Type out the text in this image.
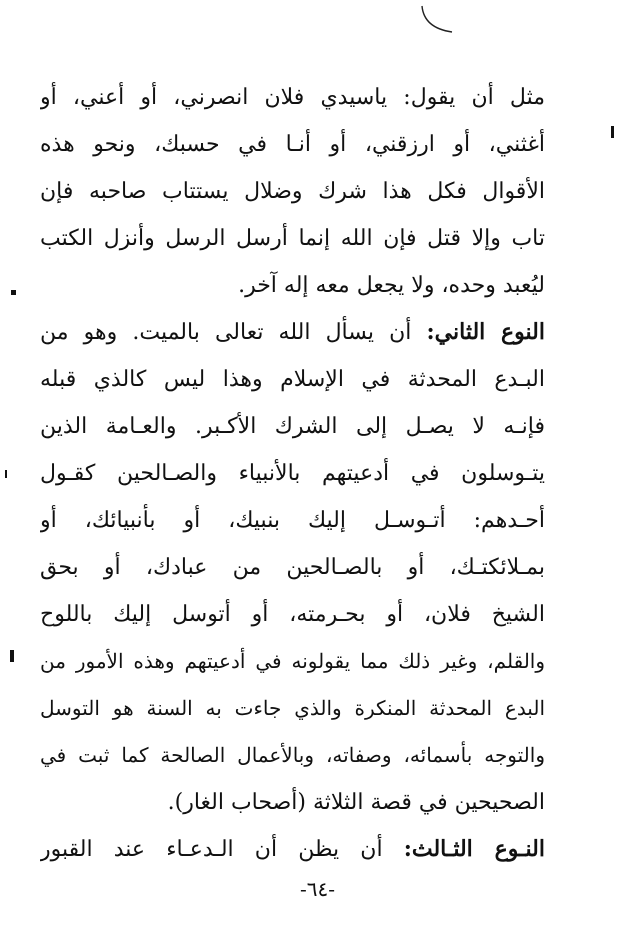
مثل أن يقول: ياسيدي فلان انصرني، أو أعني، أو
أغثني، أو ارزقني، أو أنـا في حسبك، ونحو هذه
الأقوال فكل هذا شرك وضلال يستتاب صاحبه فإن
تاب وإلا قتل فإن الله إنما أرسل الرسل وأنزل الكتب
ليُعبد وحده، ولا يجعل معه إله آخر.
النوع الثاني: أن يسأل الله تعالى بالميت. وهو من
البـدع المحدثة في الإسلام وهذا ليس كالذي قبله
فإنـه لا يصـل إلى الشرك الأكـبر. والعـامة الذين
يتـوسلون في أدعيتهم بالأنبياء والصـالحين كقـول
أحـدهم: أتـوسـل إليك بنبيك، أو بأنبيائك، أو
بمـلائكتـك، أو بالصـالحين من عبادك، أو بحق
الشيخ فلان، أو بحـرمته، أو أتوسل إليك باللوح
والقلم، وغير ذلك مما يقولونه في أدعيتهم وهذه الأمور من
البدع المحدثة المنكرة والذي جاءت به السنة هو التوسل
والتوجه بأسمائه، وصفاته، وبالأعمال الصالحة كما ثبت في
الصحيحين في قصة الثلاثة (أصحاب الغار).
النـوع الثـالث: أن يظن أن الـدعـاء عند القبور
-٦٤-
